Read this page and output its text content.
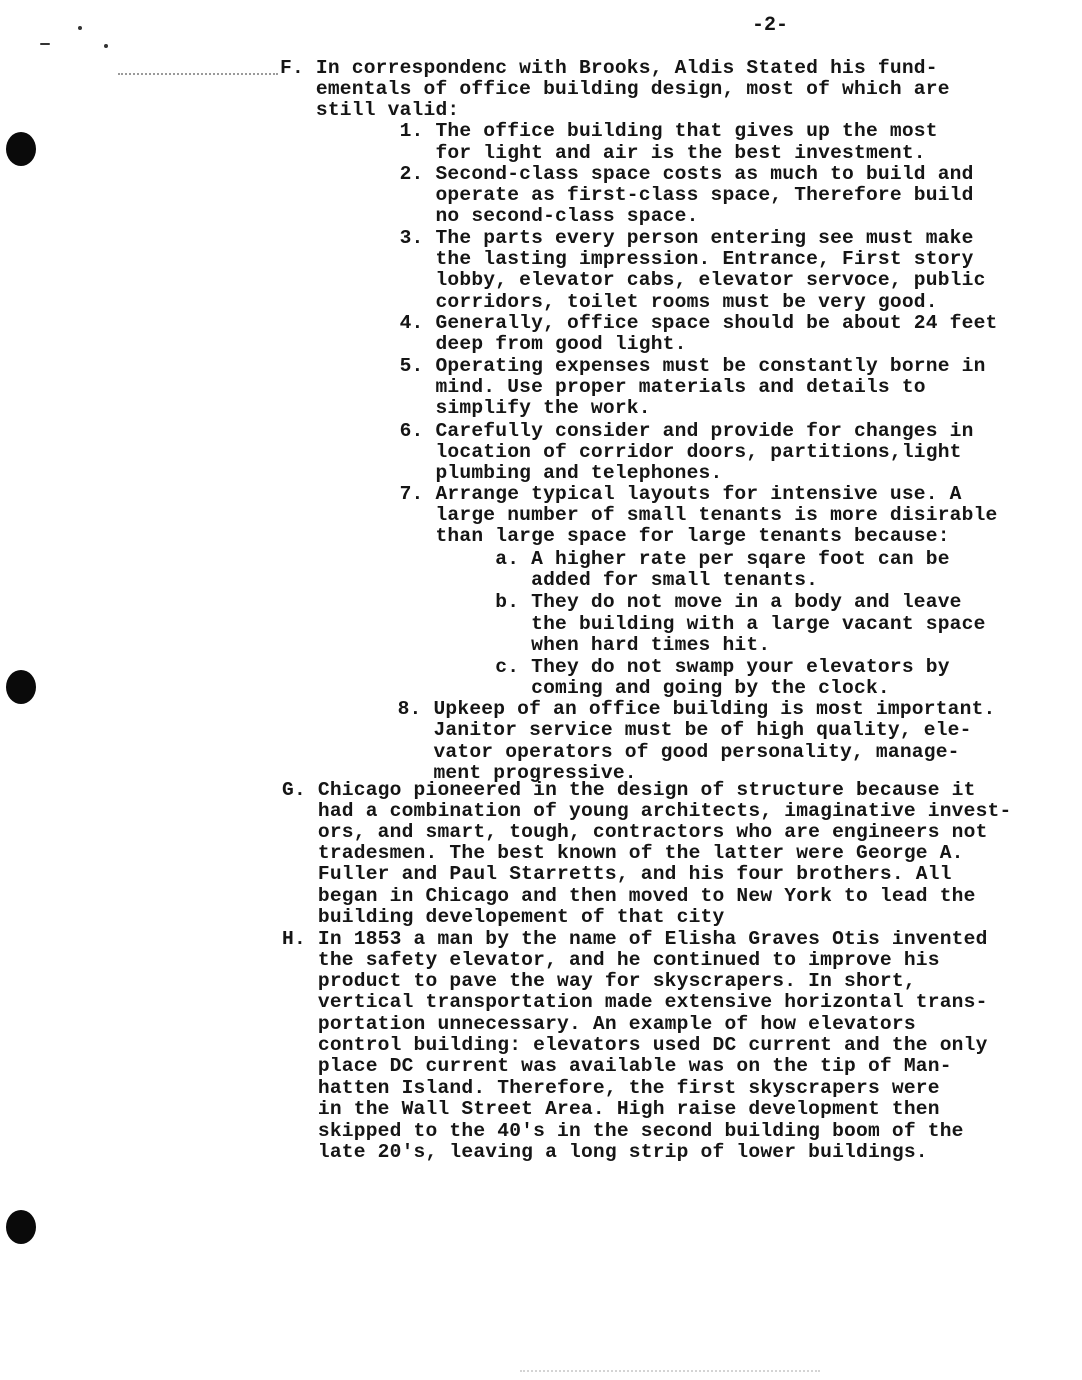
-2-

F. In correspondenc with Brooks, Aldis Stated his fund-

ementals of office building design, most of which are

still valid:

1. The office building that gives up the most

for light and air is the best investment.

2. Second-class space costs as much to build and

operate as first-class space, Therefore build

no second-class space.

3. The parts every person entering see must make

the lasting impression. Entrance, First story

lobby, elevator cabs, elevator servoce, public

corridors, toilet rooms must be very good.

4. Generally, office space should be about 24 feet

deep from good light.

5. Operating expenses must be constantly borne in

mind. Use proper materials and details to

simplify the work.

6. Carefully consider and provide for changes in

location of corridor doors, partitions,light

plumbing and telephones.

7. Arrange typical layouts for intensive use. A

large number of small tenants is more disirable

than large space for large tenants because:

a. A higher rate per sqare foot can be

added for small tenants.

b. They do not move in a body and leave

the building with a large vacant space

when hard times hit.

c. They do not swamp your elevators by

coming and going by the clock.

8. Upkeep of an office building is most important.

Janitor service must be of high quality, ele-

vator operators of good personality, manage-

ment progressive.

G. Chicago pioneered in the design of structure because it

had a combination of young architects, imaginative invest-

ors, and smart, tough, contractors who are engineers not

tradesmen. The best known of the latter were George A.

Fuller and Paul Starretts, and his four brothers. All

began in Chicago and then moved to New York to lead the

building developement of that city

H. In 1853 a man by the name of Elisha Graves Otis invented

the safety elevator, and he continued to improve his

product to pave the way for skyscrapers. In short,

vertical transportation made extensive horizontal trans-

portation unnecessary. An example of how elevators

control building: elevators used DC current and the only

place DC current was available was on the tip of Man-

hatten Island. Therefore, the first skyscrapers were

in the Wall Street Area. High raise development then

skipped to the 40's in the second building boom of the

late 20's, leaving a long strip of lower buildings.
